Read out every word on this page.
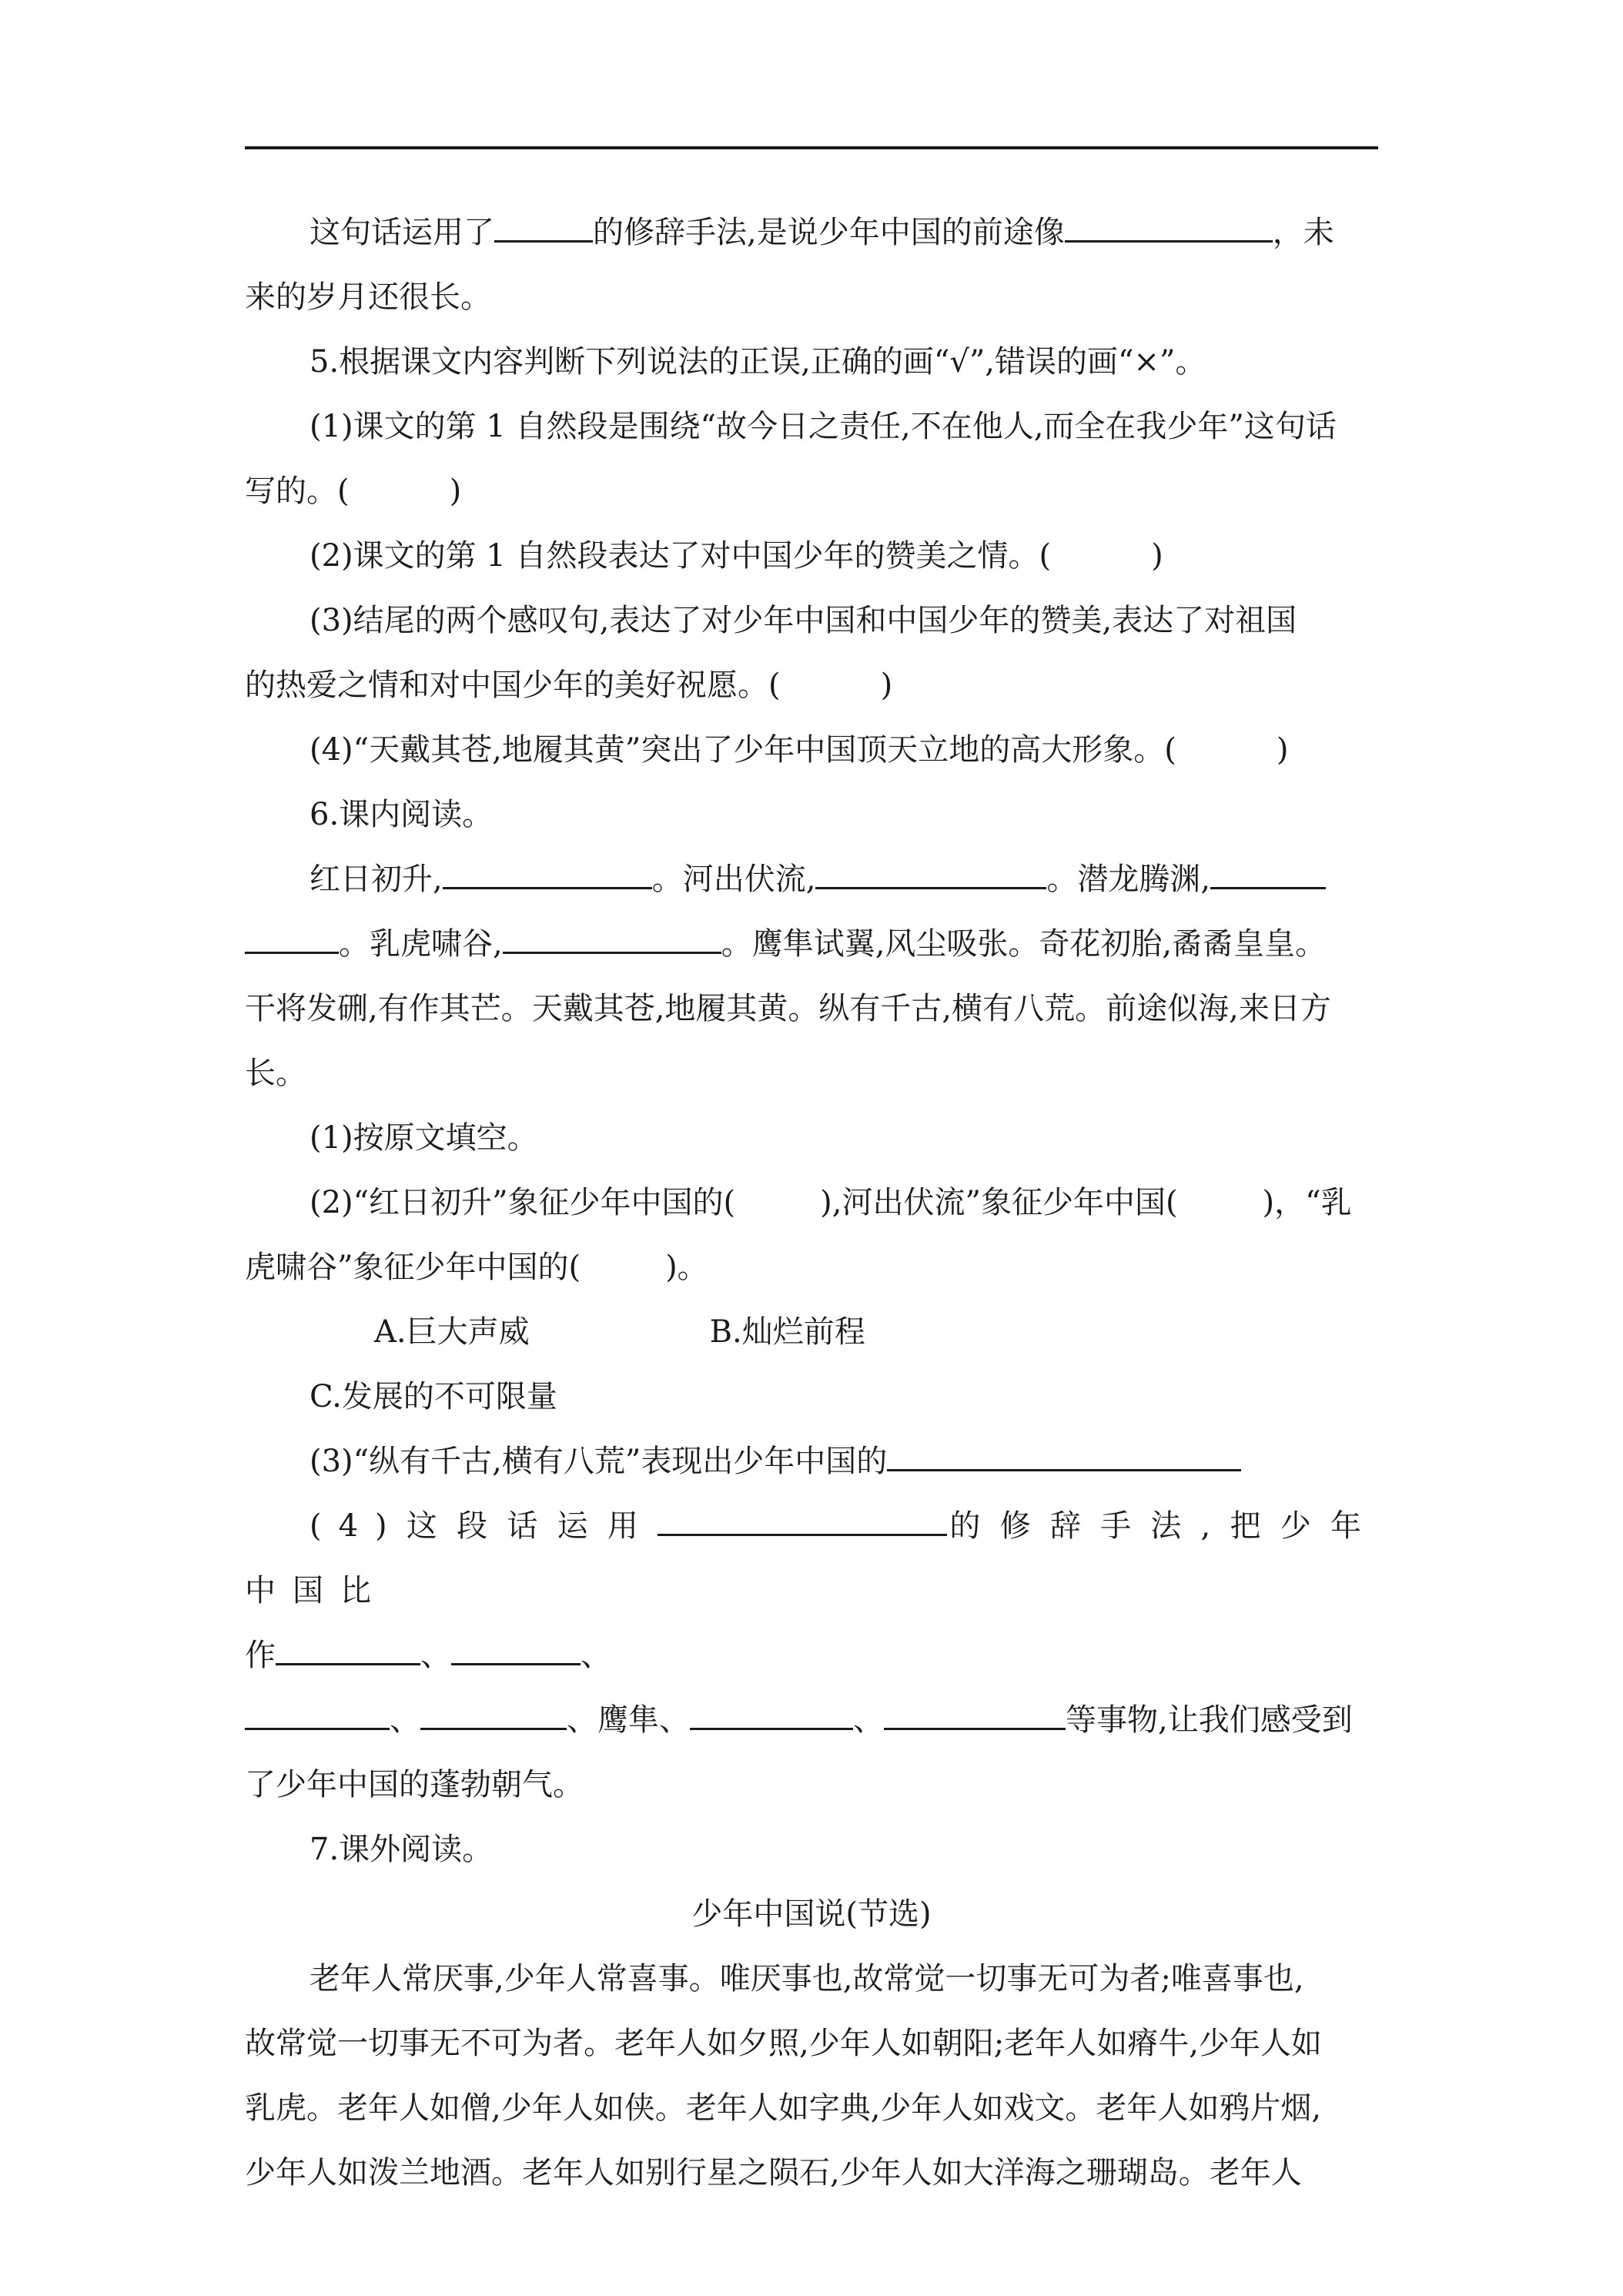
这句话运用了	的修辞手法,是说少年中国的前途像	，未

来的岁月还很长。

5.根据课文内容判断下列说法的正误,正确的画“√”,错误的画“×”。

(1)课文的第 1 自然段是围绕“故今日之责任,不在他人,而全在我少年”这句话

写的。(	)

(2)课文的第 1 自然段表达了对中国少年的赞美之情。(	)

(3)结尾的两个感叹句,表达了对少年中国和中国少年的赞美,表达了对祖国

的热爱之情和对中国少年的美好祝愿。(	)

(4)“天戴其苍,地履其黄”突出了少年中国顶天立地的高大形象。(	)

6.课内阅读。

红日初升,	。河出伏流,	。潜龙腾渊,

。乳虎啸谷,	。鹰隼试翼,风尘吸张。奇花初胎,矞矞皇皇。

干将发硎,有作其芒。天戴其苍,地履其黄。纵有千古,横有八荒。前途似海,来日方

长。

(1)按原文填空。

(2)“红日初升”象征少年中国的(	),河出伏流”象征少年中国(	)，“乳

虎啸谷”象征少年中国的(	)。

A.巨大声威	B.灿烂前程C.发展的不可限量

(3)“纵有千古,横有八荒”表现出少年中国的

(4)这段话运用	的修辞手法,把少年中国比

作	、	、

、	、鹰隼、	、	等事物,让我们感受到

了少年中国的蓬勃朝气。

7.课外阅读。

少年中国说(节选)

老年人常厌事,少年人常喜事。唯厌事也,故常觉一切事无可为者;唯喜事也,

故常觉一切事无不可为者。老年人如夕照,少年人如朝阳;老年人如瘠牛,少年人如

乳虎。老年人如僧,少年人如侠。老年人如字典,少年人如戏文。老年人如鸦片烟,

少年人如泼兰地酒。老年人如别行星之陨石,少年人如大洋海之珊瑚岛。老年人
